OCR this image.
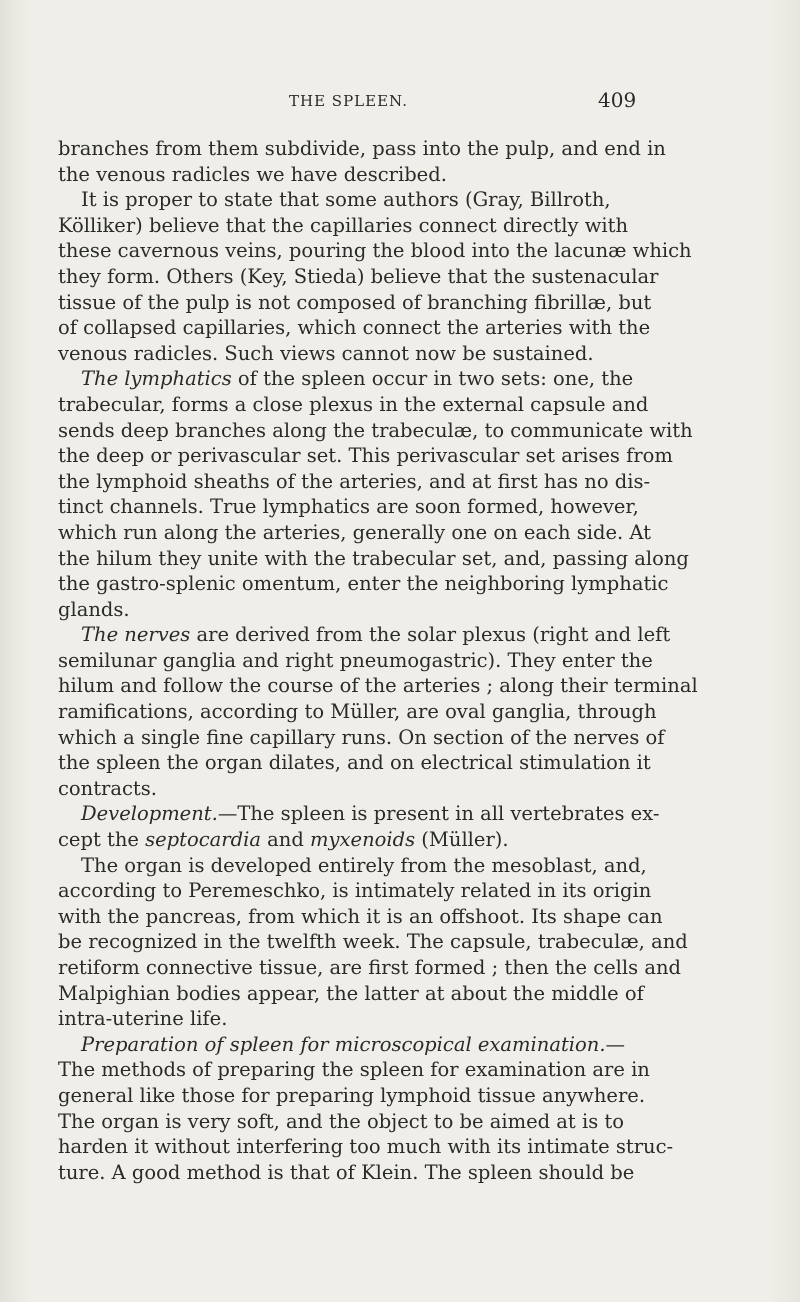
THE SPLEEN.	409
branches from them subdivide, pass into the pulp, and end in
the venous radicles we have described.
It is proper to state that some authors (Gray, Billroth,
Kölliker) believe that the capillaries connect directly with
these cavernous veins, pouring the blood into the lacunæ which
they form. Others (Key, Stieda) believe that the sustenacular
tissue of the pulp is not composed of branching fibrillæ, but
of collapsed capillaries, which connect the arteries with the
venous radicles. Such views cannot now be sustained.
The lymphatics of the spleen occur in two sets: one, the
trabecular, forms a close plexus in the external capsule and
sends deep branches along the trabeculæ, to communicate with
the deep or perivascular set. This perivascular set arises from
the lymphoid sheaths of the arteries, and at first has no dis-
tinct channels. True lymphatics are soon formed, however,
which run along the arteries, generally one on each side. At
the hilum they unite with the trabecular set, and, passing along
the gastro-splenic omentum, enter the neighboring lymphatic
glands.
The nerves are derived from the solar plexus (right and left
semilunar ganglia and right pneumogastric). They enter the
hilum and follow the course of the arteries ; along their terminal
ramifications, according to Müller, are oval ganglia, through
which a single fine capillary runs. On section of the nerves of
the spleen the organ dilates, and on electrical stimulation it
contracts.
Development.—The spleen is present in all vertebrates ex-
cept the septocardia and myxenoids (Müller).
The organ is developed entirely from the mesoblast, and,
according to Peremeschko, is intimately related in its origin
with the pancreas, from which it is an offshoot. Its shape can
be recognized in the twelfth week. The capsule, trabeculæ, and
retiform connective tissue, are first formed ; then the cells and
Malpighian bodies appear, the latter at about the middle of
intra-uterine life.
Preparation of spleen for microscopical examination.—
The methods of preparing the spleen for examination are in
general like those for preparing lymphoid tissue anywhere.
The organ is very soft, and the object to be aimed at is to
harden it without interfering too much with its intimate struc-
ture. A good method is that of Klein. The spleen should be
